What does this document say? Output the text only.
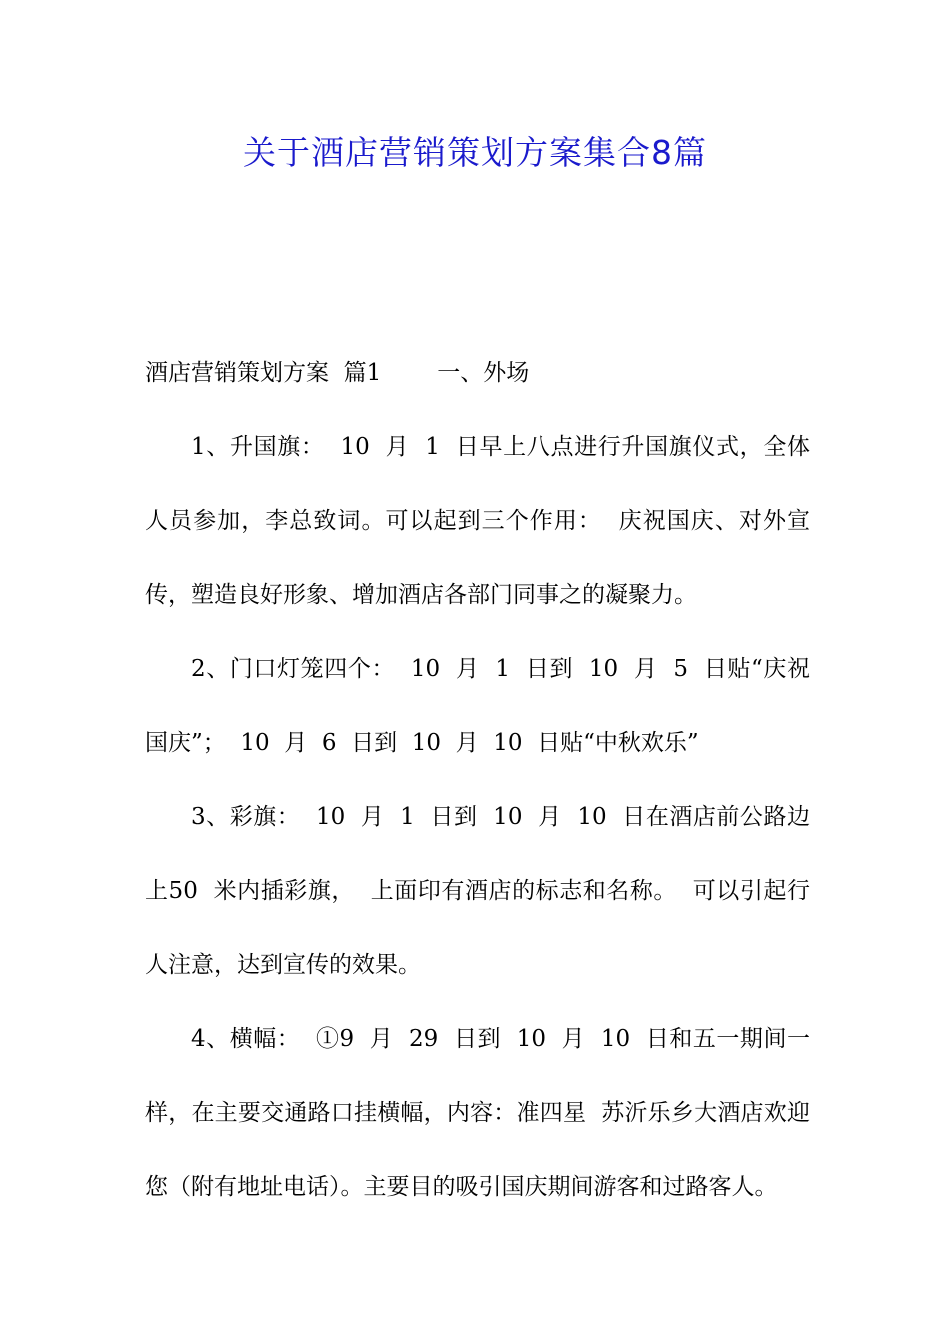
关于酒店营销策划方案集合8篇

酒店营销策划方案  篇1 一、外场

1、升国旗：  10  月  1  日早上八点进行升国旗仪式，全体人员参加，李总致词。可以起到三个作用：  庆祝国庆、对外宣传，塑造良好形象、增加酒店各部门同事之的凝聚力。

2、门口灯笼四个：  10  月  1  日到  10  月  5  日贴“庆祝国庆”；  10  月  6  日到  10  月  10  日贴“中秋欢乐”

3、彩旗：  10  月  1  日到  10  月  10  日在酒店前公路边上50  米内插彩旗，  上面印有酒店的标志和名称。  可以引起行人注意，达到宣传的效果。

4、横幅：  ①9  月  29  日到  10  月  10  日和五一期间一样，在主要交通路口挂横幅，内容：准四星  苏沂乐乡大酒店欢迎您（附有地址电话）。主要目的吸引国庆期间游客和过路客人。
